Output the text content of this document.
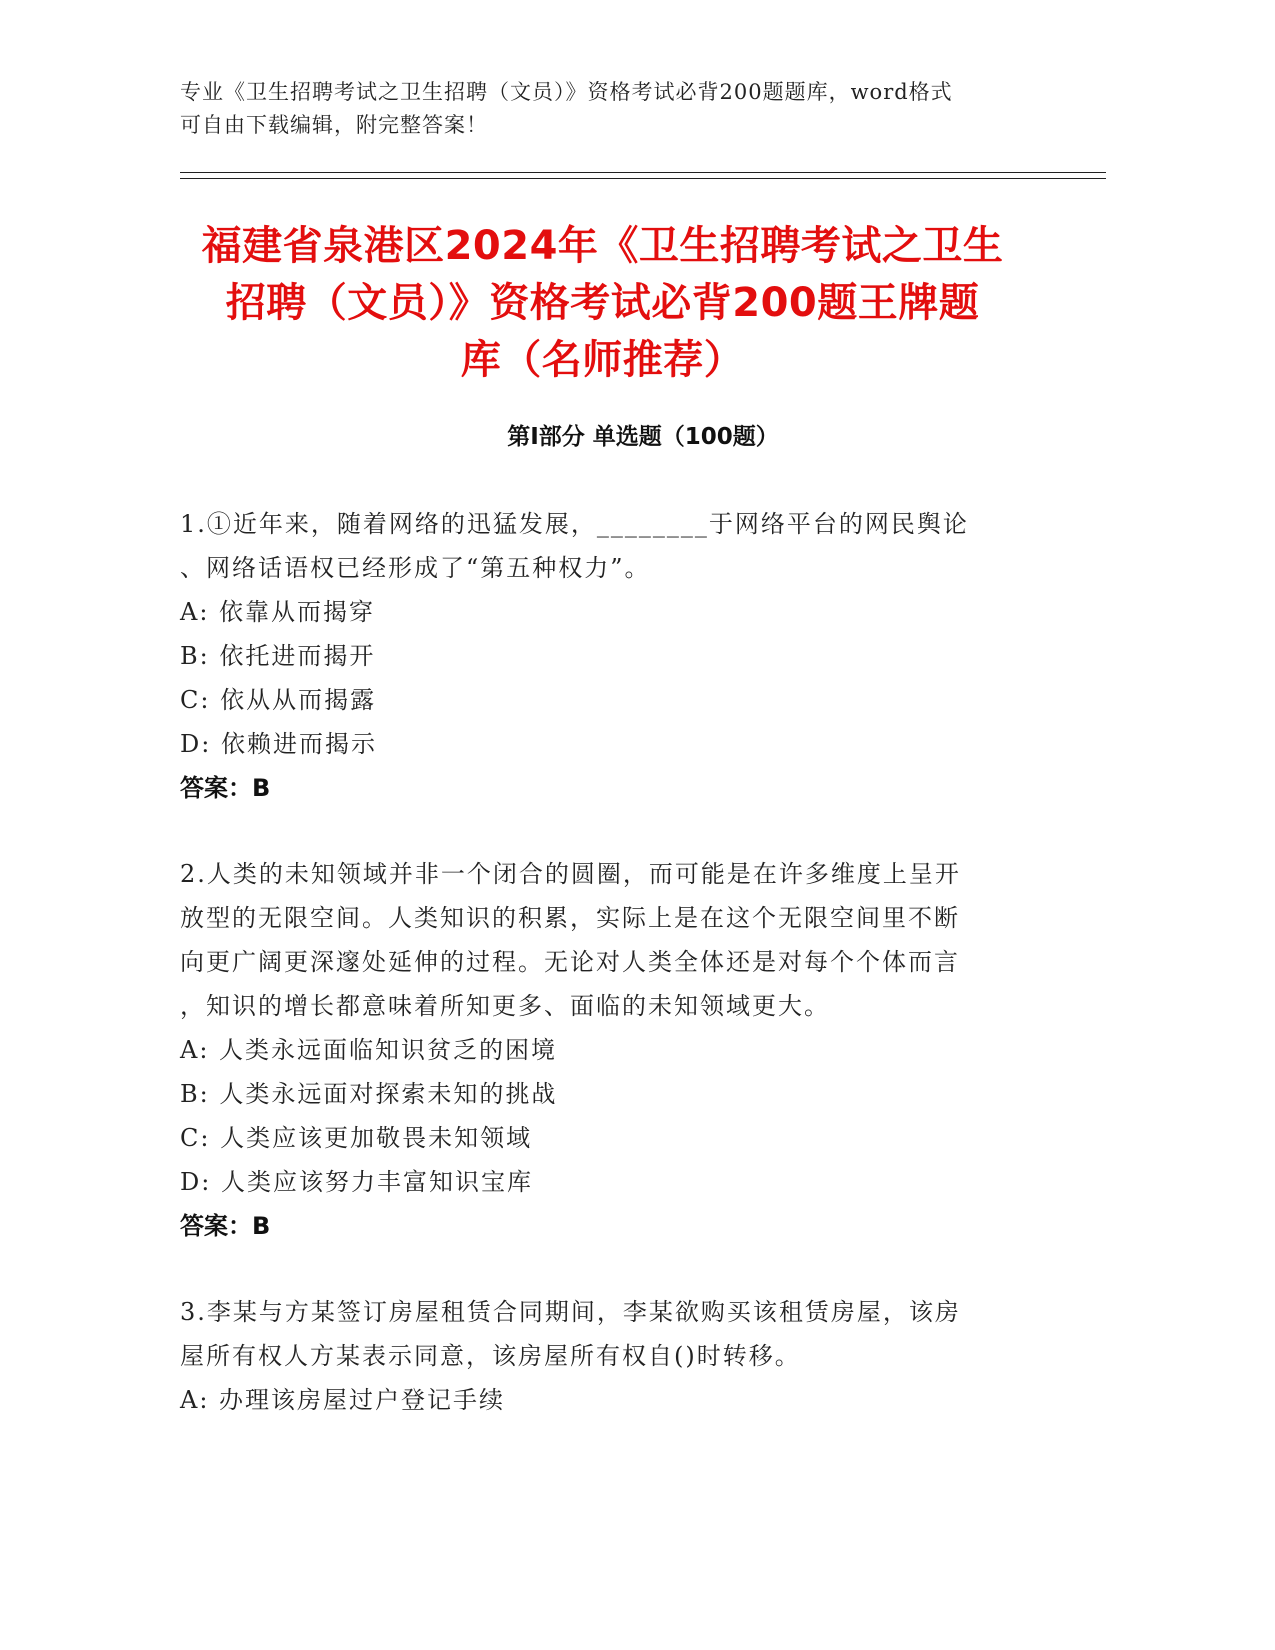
专业《卫生招聘考试之卫生招聘（文员）》资格考试必背200题题库，word格式
可自由下载编辑，附完整答案！
福建省泉港区2024年《卫生招聘考试之卫生
招聘（文员）》资格考试必背200题王牌题
库（名师推荐）
第Ⅰ部分 单选题（100题）
1.①近年来，随着网络的迅猛发展，________于网络平台的网民舆论
、网络话语权已经形成了“第五种权力”。
A: 依靠从而揭穿
B: 依托进而揭开
C: 依从从而揭露
D: 依赖进而揭示
答案：B
2.人类的未知领域并非一个闭合的圆圈，而可能是在许多维度上呈开
放型的无限空间。人类知识的积累，实际上是在这个无限空间里不断
向更广阔更深邃处延伸的过程。无论对人类全体还是对每个个体而言
，知识的增长都意味着所知更多、面临的未知领域更大。
A: 人类永远面临知识贫乏的困境
B: 人类永远面对探索未知的挑战
C: 人类应该更加敬畏未知领域
D: 人类应该努力丰富知识宝库
答案：B
3.李某与方某签订房屋租赁合同期间，李某欲购买该租赁房屋，该房
屋所有权人方某表示同意，该房屋所有权自()时转移。
A: 办理该房屋过户登记手续
